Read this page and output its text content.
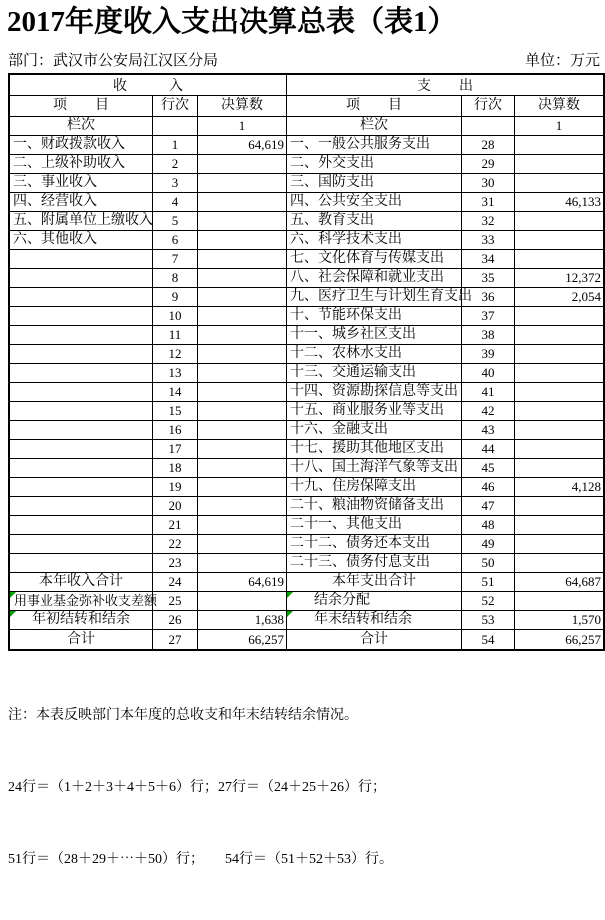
2017年度收入支出决算总表（表1）
部门：武汉市公安局江汉区分局	单位：万元
收　　　入	支　　出
项　　目	行次	决算数	项　　目	行次	决算数
栏次	1	栏次	1
一、财政拨款收入	1	64,619 一、一般公共服务支出	28
二、上级补助收入	2	二、外交支出	29
三、事业收入	3	三、国防支出	30
四、经营收入	4	四、公共安全支出	31	46,133
五、附属单位上缴收入 5	五、教育支出	32
六、其他收入	6	六、科学技术支出	33
7	七、文化体育与传媒支出	34
8	八、社会保障和就业支出	35	12,372
9	九、医疗卫生与计划生育支出 36	2,054
10	十、节能环保支出	37
11	十一、城乡社区支出	38
12	十二、农林水支出	39
13	十三、交通运输支出	40
14	十四、资源勘探信息等支出 41
15	十五、商业服务业等支出	42
16	十六、金融支出	43
17	十七、援助其他地区支出	44
18	十八、国土海洋气象等支出 45
19	十九、住房保障支出	46	4,128
20	二十、粮油物资储备支出	47
21	二十一、其他支出	48
22	二十二、债务还本支出	49
23	二十三、债务付息支出	50
本年收入合计	24	64,619	本年支出合计	51	64,687
用事业基金弥补收支差额 25	结余分配	52
年初结转和结余	26	1,638 年末结转和结余	53	1,570
合计	27	66,257	合计	54	66,257

注：本表反映部门本年度的总收支和年末结转结余情况。

24行＝（1＋2＋3＋4＋5＋6）行；27行＝（24＋25＋26）行；

51行＝（28＋29＋⋯＋50）行；　　54行＝（51＋52＋53）行。
